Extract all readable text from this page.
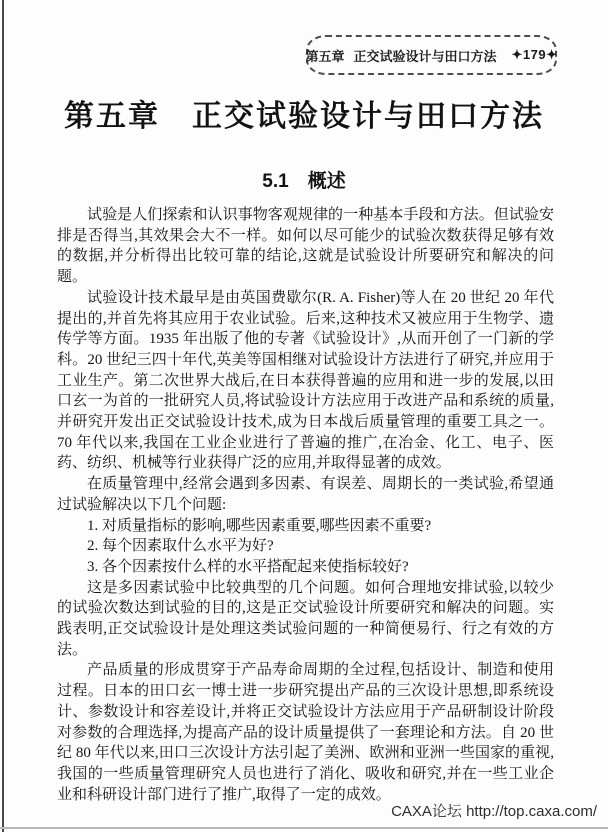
第五章 正交试验设计与田口方法 ✦179✦
第五章　正交试验设计与田口方法
5.1　概述

试验是人们探索和认识事物客观规律的一种基本手段和方法。但试验安排是否得当,其效果会大不一样。如何以尽可能少的试验次数获得足够有效的数据,并分析得出比较可靠的结论,这就是试验设计所要研究和解决的问题。

试验设计技术最早是由英国费歇尔(R. A. Fisher)等人在 20 世纪 20 年代提出的,并首先将其应用于农业试验。后来,这种技术又被应用于生物学、遗传学等方面。1935 年出版了他的专著《试验设计》,从而开创了一门新的学科。20 世纪三四十年代,英美等国相继对试验设计方法进行了研究,并应用于工业生产。第二次世界大战后,在日本获得普遍的应用和进一步的发展,以田口玄一为首的一批研究人员,将试验设计方法应用于改进产品和系统的质量,并研究开发出正交试验设计技术,成为日本战后质量管理的重要工具之一。70 年代以来,我国在工业企业进行了普遍的推广,在冶金、化工、电子、医药、纺织、机械等行业获得广泛的应用,并取得显著的成效。

在质量管理中,经常会遇到多因素、有误差、周期长的一类试验,希望通过试验解决以下几个问题:

1. 对质量指标的影响,哪些因素重要,哪些因素不重要?

2. 每个因素取什么水平为好?

3. 各个因素按什么样的水平搭配起来使指标较好?

这是多因素试验中比较典型的几个问题。如何合理地安排试验,以较少的试验次数达到试验的目的,这是正交试验设计所要研究和解决的问题。实践表明,正交试验设计是处理这类试验问题的一种简便易行、行之有效的方法。

产品质量的形成贯穿于产品寿命周期的全过程,包括设计、制造和使用过程。日本的田口玄一博士进一步研究提出产品的三次设计思想,即系统设计、参数设计和容差设计,并将正交试验设计方法应用于产品研制设计阶段对参数的合理选择,为提高产品的设计质量提供了一套理论和方法。自 20 世纪 80 年代以来,田口三次设计方法引起了美洲、欧洲和亚洲一些国家的重视,我国的一些质量管理研究人员也进行了消化、吸收和研究,并在一些工业企业和科研设计部门进行了推广,取得了一定的成效。

CAXA论坛 http://top.caxa.com/
